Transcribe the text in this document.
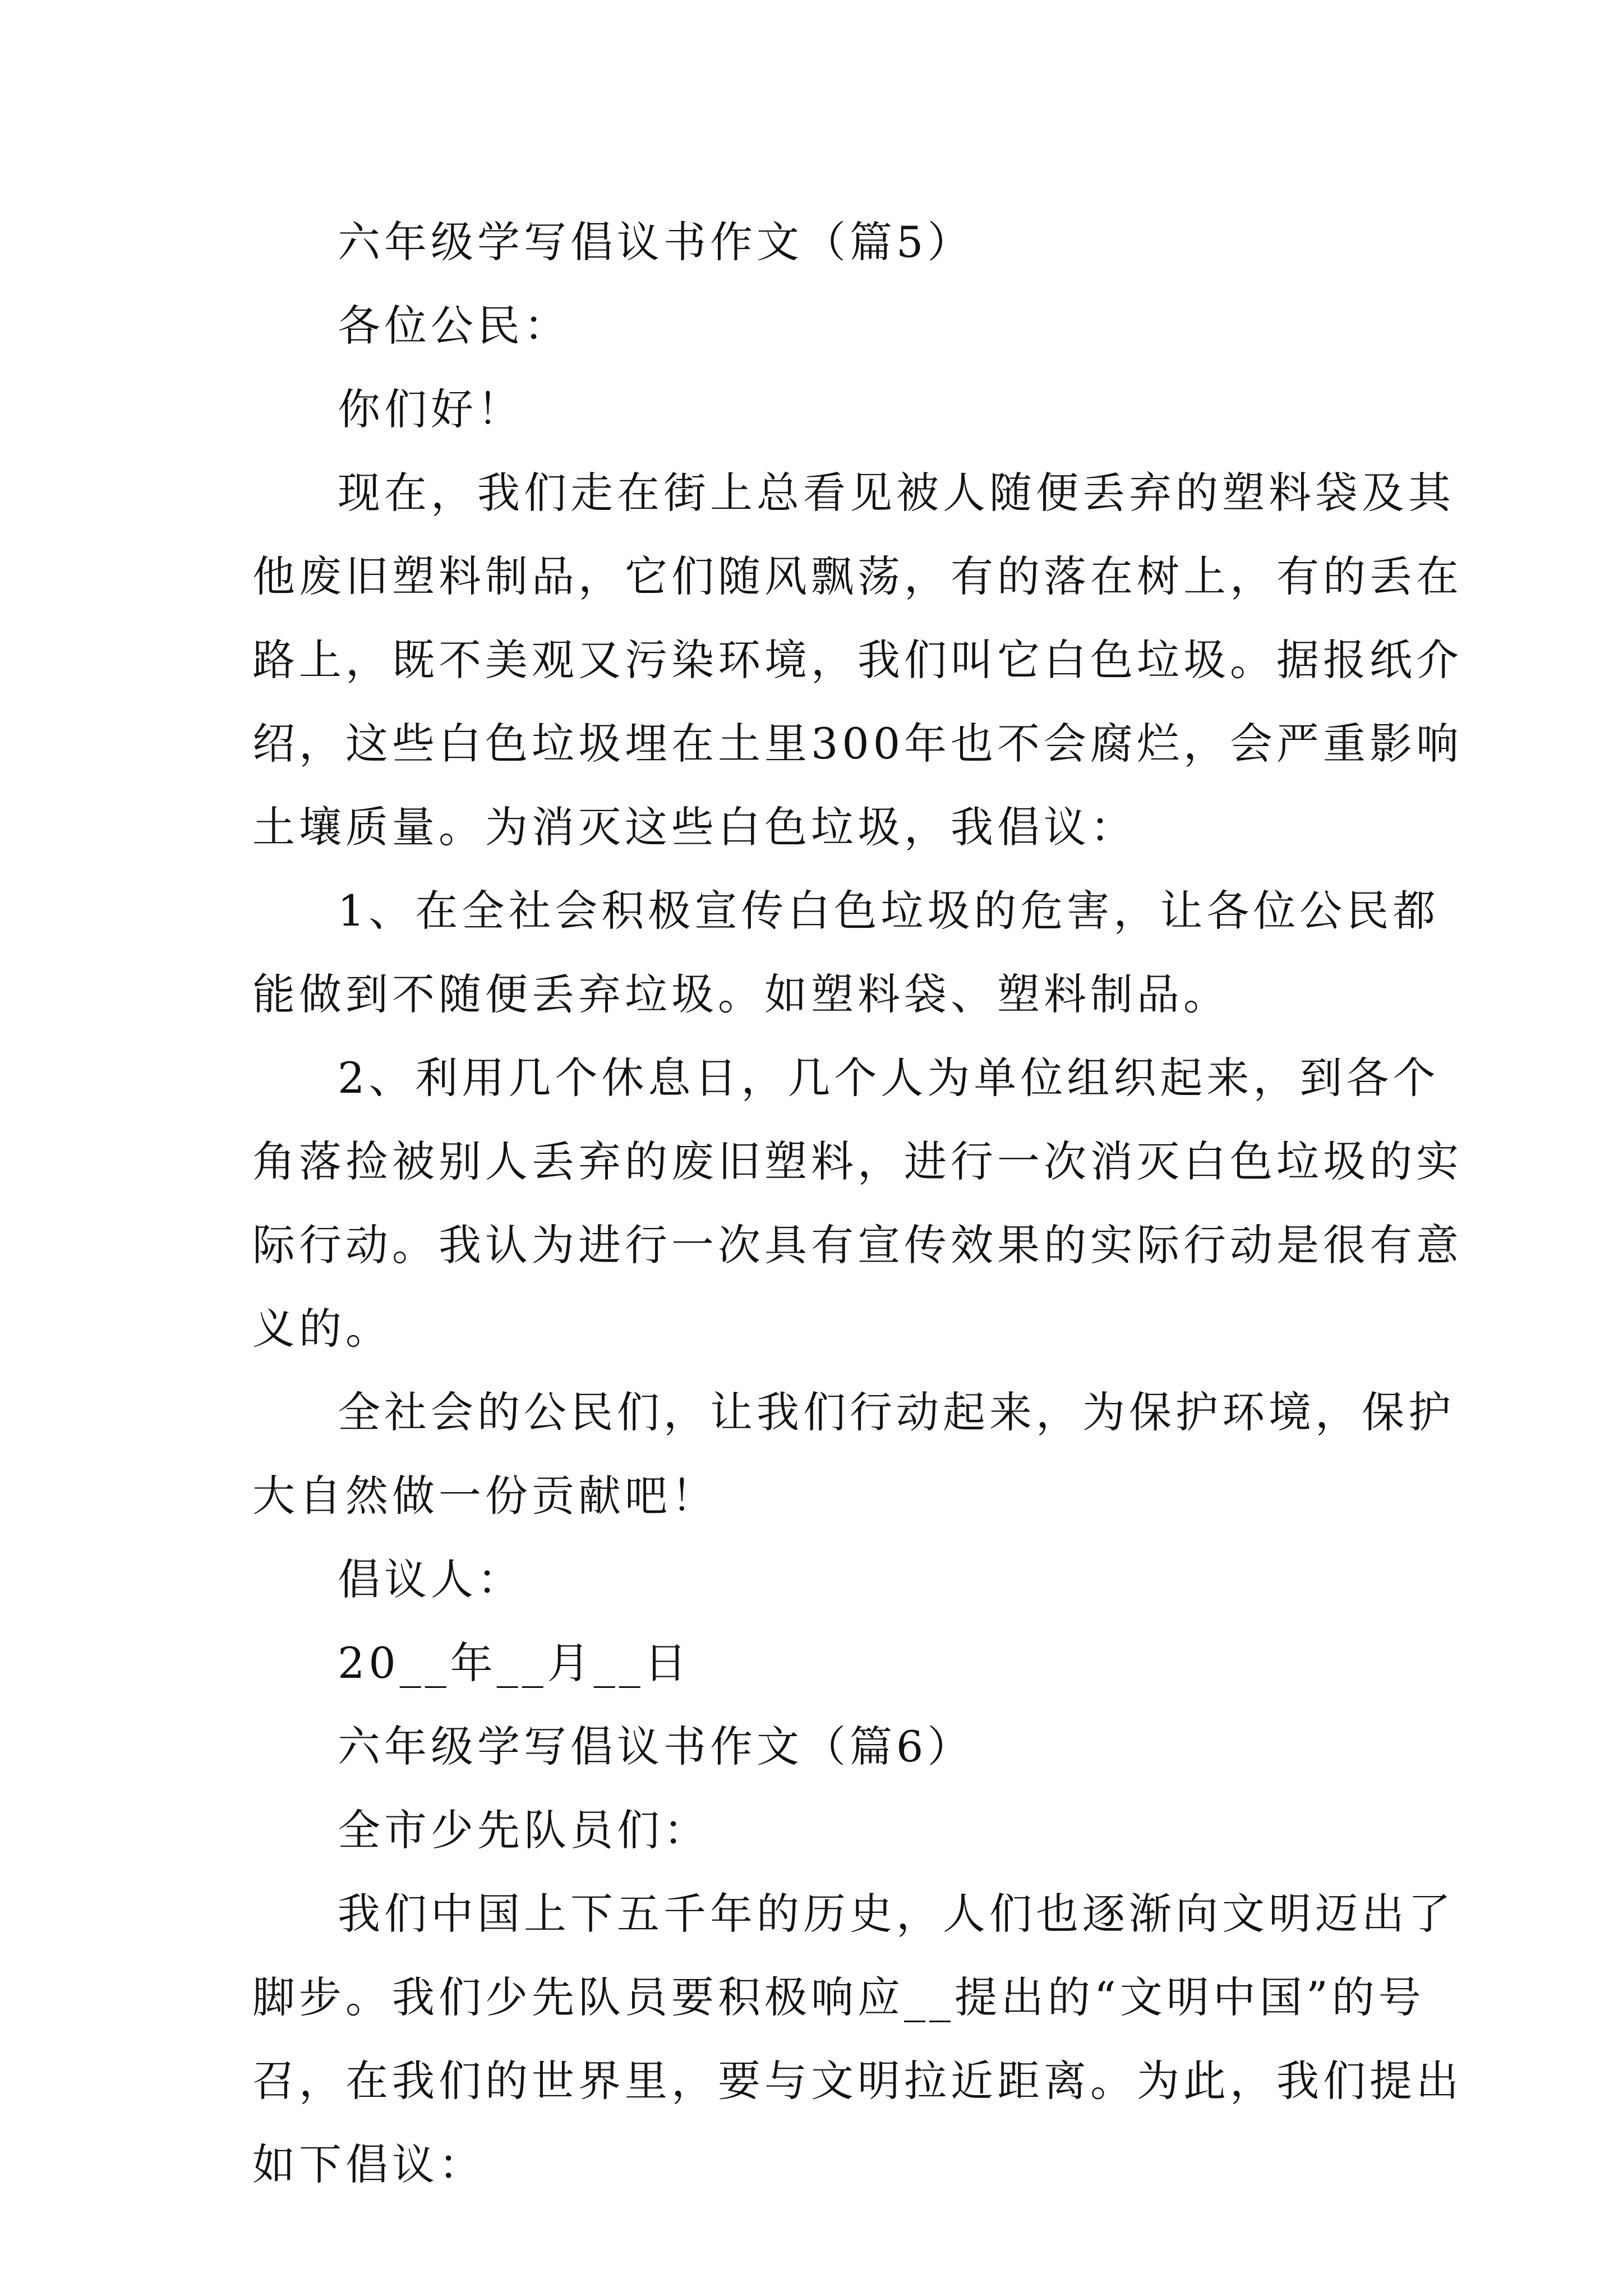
六年级学写倡议书作文（篇5）
各位公民：
你们好！
现在，我们走在街上总看见被人随便丢弃的塑料袋及其
他废旧塑料制品，它们随风飘荡，有的落在树上，有的丢在
路上，既不美观又污染环境，我们叫它白色垃圾。据报纸介
绍，这些白色垃圾埋在土里300年也不会腐烂，会严重影响
土壤质量。为消灭这些白色垃圾，我倡议：
1、在全社会积极宣传白色垃圾的危害，让各位公民都
能做到不随便丢弃垃圾。如塑料袋、塑料制品。
2、利用几个休息日，几个人为单位组织起来，到各个
角落捡被别人丢弃的废旧塑料，进行一次消灭白色垃圾的实
际行动。我认为进行一次具有宣传效果的实际行动是很有意
义的。
全社会的公民们，让我们行动起来，为保护环境，保护
大自然做一份贡献吧！
倡议人：
20__年__月__日
六年级学写倡议书作文（篇6）
全市少先队员们：
我们中国上下五千年的历史，人们也逐渐向文明迈出了
脚步。我们少先队员要积极响应__提出的“文明中国”的号
召，在我们的世界里，要与文明拉近距离。为此，我们提出
如下倡议：
